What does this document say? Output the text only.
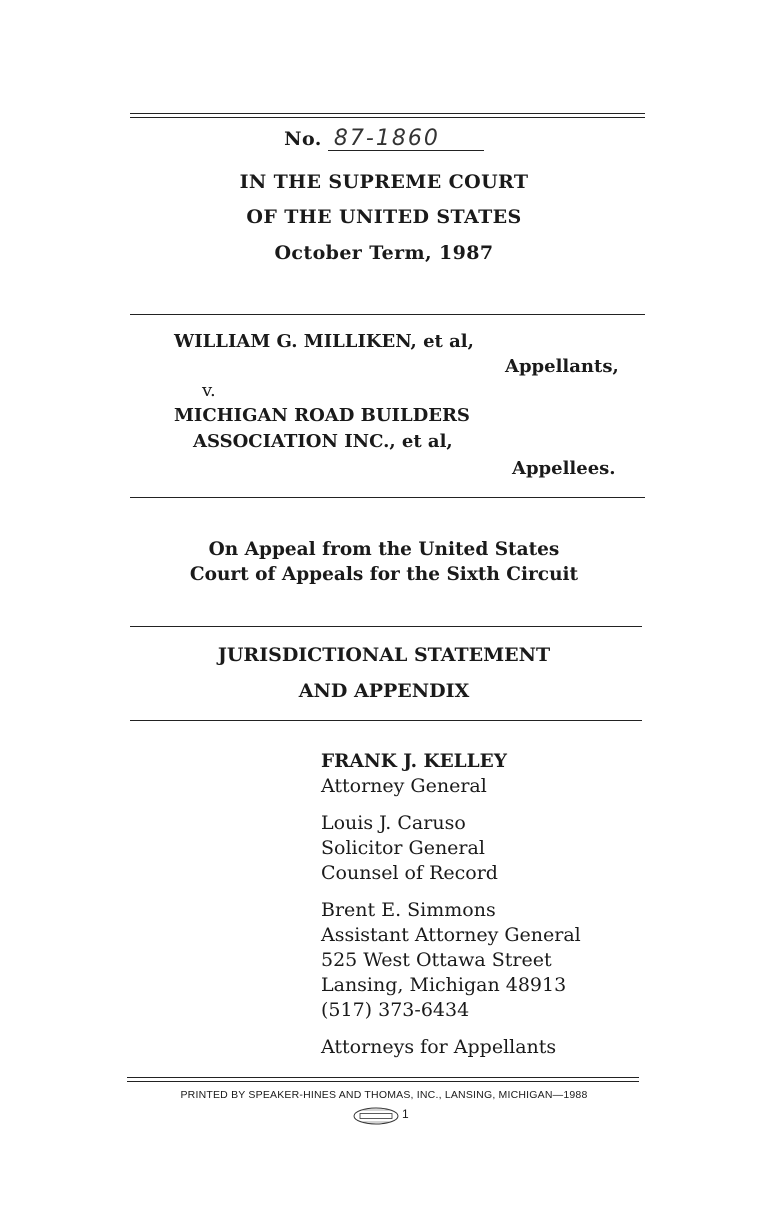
No. 87-1860
IN THE SUPREME COURT
OF THE UNITED STATES
October Term, 1987
WILLIAM G. MILLIKEN, et al,
Appellants,
v.
MICHIGAN ROAD BUILDERS
ASSOCIATION INC., et al,
Appellees.
On Appeal from the United States
Court of Appeals for the Sixth Circuit
JURISDICTIONAL STATEMENT
AND APPENDIX
FRANK J. KELLEY
Attorney General
Louis J. Caruso
Solicitor General
Counsel of Record
Brent E. Simmons
Assistant Attorney General
525 West Ottawa Street
Lansing, Michigan 48913
(517) 373-6434
Attorneys for Appellants
PRINTED BY SPEAKER-HINES AND THOMAS, INC., LANSING, MICHIGAN—1988
1
